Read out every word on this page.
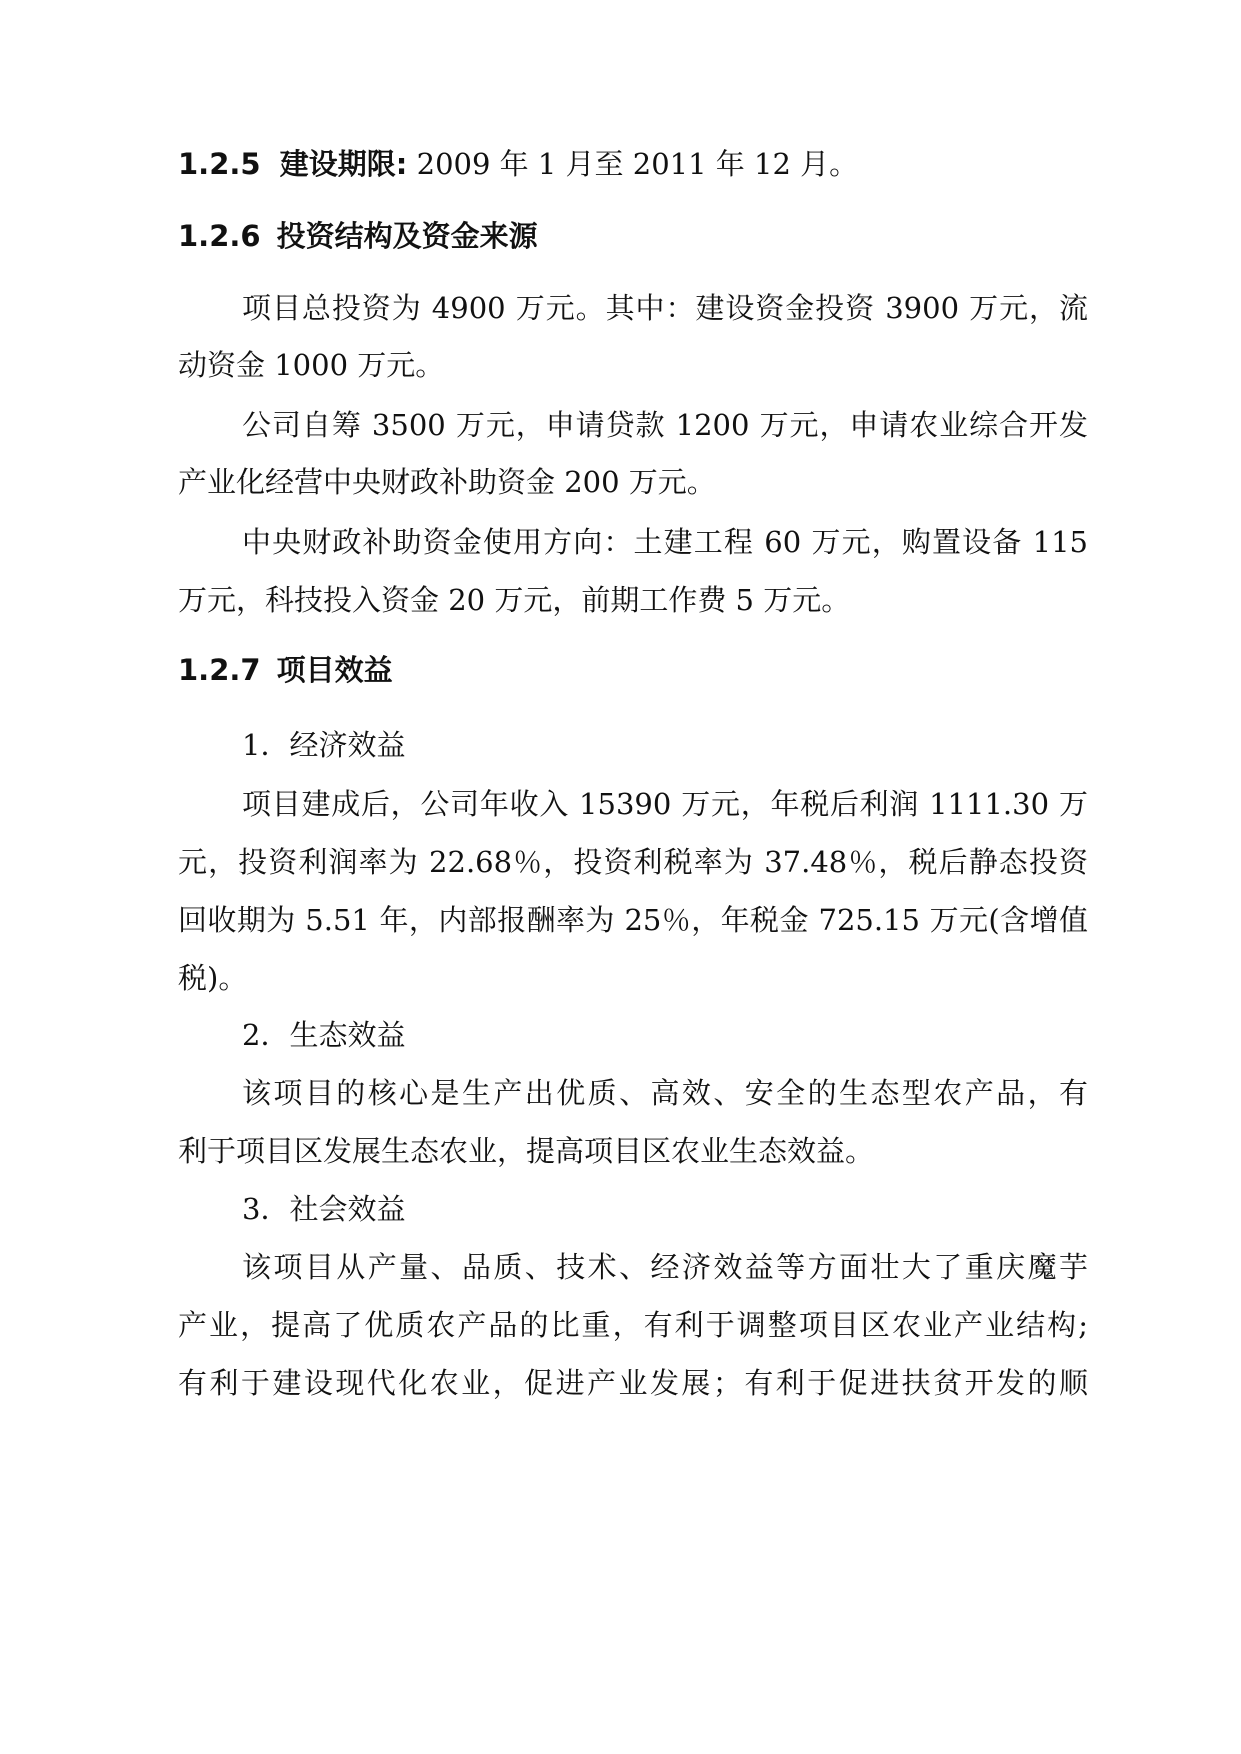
1.2.5 建设期限: 2009 年 1 月至 2011 年 12 月。
1.2.6 投资结构及资金来源
项目总投资为 4900 万元。其中：建设资金投资 3900 万元，流
动资金 1000 万元。
公司自筹 3500 万元，申请贷款 1200 万元，申请农业综合开发
产业化经营中央财政补助资金 200 万元。
中央财政补助资金使用方向：土建工程 60 万元，购置设备 115
万元，科技投入资金 20 万元，前期工作费 5 万元。
1.2.7 项目效益
1．经济效益
项目建成后，公司年收入 15390 万元，年税后利润 1111.30 万
元，投资利润率为 22.68％，投资利税率为 37.48％，税后静态投资
回收期为 5.51 年，内部报酬率为 25％，年税金 725.15 万元(含增值
税)。
2．生态效益
该项目的核心是生产出优质、高效、安全的生态型农产品，有
利于项目区发展生态农业，提高项目区农业生态效益。
3．社会效益
该项目从产量、品质、技术、经济效益等方面壮大了重庆魔芋
产业，提高了优质农产品的比重，有利于调整项目区农业产业结构;
有利于建设现代化农业，促进产业发展；有利于促进扶贫开发的顺
